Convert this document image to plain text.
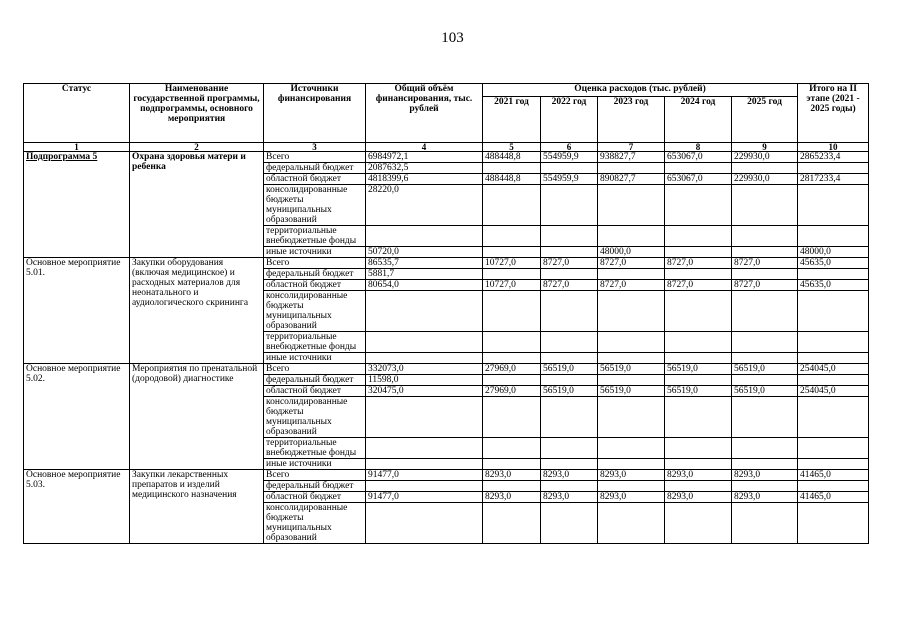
103
Статус	Наименование государственной программы, подпрограммы, основного мероприятия	Источники финансирования	Общий объём финансирования, тыс. рублей	Оценка расходов (тыс. рублей)					Итого на II этапе (2021 - 2025 годы)
				2021 год	2022 год	2023 год	2024 год	2025 год	
1	2	3	4	5	6	7	8	9	10
Подпрограмма 5	Охрана здоровья матери и ребенка	Всего	6984972,1	488448,8	554959,9	938827,7	653067,0	229930,0	2865233,4
		федеральный бюджет	2087632,5						
		областной бюджет	4818399,6	488448,8	554959,9	890827,7	653067,0	229930,0	2817233,4
		консолидированные бюджеты муниципальных образований	28220,0						
		территориальные внебюджетные фонды							
		иные источники	50720,0			48000,0			48000,0
Основное мероприятие 5.01.	Закупки оборудования (включая медицинское) и расходных материалов для неонатального и аудиологического скрининга	Всего	86535,7	10727,0	8727,0	8727,0	8727,0	8727,0	45635,0
		федеральный бюджет	5881,7						
		областной бюджет	80654,0	10727,0	8727,0	8727,0	8727,0	8727,0	45635,0
		консолидированные бюджеты муниципальных образований							
		территориальные внебюджетные фонды							
		иные источники							
Основное мероприятие 5.02.	Мероприятия по пренатальной (дородовой) диагностике	Всего	332073,0	27969,0	56519,0	56519,0	56519,0	56519,0	254045,0
		федеральный бюджет	11598,0						
		областной бюджет	320475,0	27969,0	56519,0	56519,0	56519,0	56519,0	254045,0
		консолидированные бюджеты муниципальных образований							
		территориальные внебюджетные фонды							
		иные источники							
Основное мероприятие 5.03.	Закупки лекарственных препаратов и изделий медицинского назначения	Всего	91477,0	8293,0	8293,0	8293,0	8293,0	8293,0	41465,0
		федеральный бюджет							
		областной бюджет	91477,0	8293,0	8293,0	8293,0	8293,0	8293,0	41465,0
		консолидированные бюджеты муниципальных образований							
